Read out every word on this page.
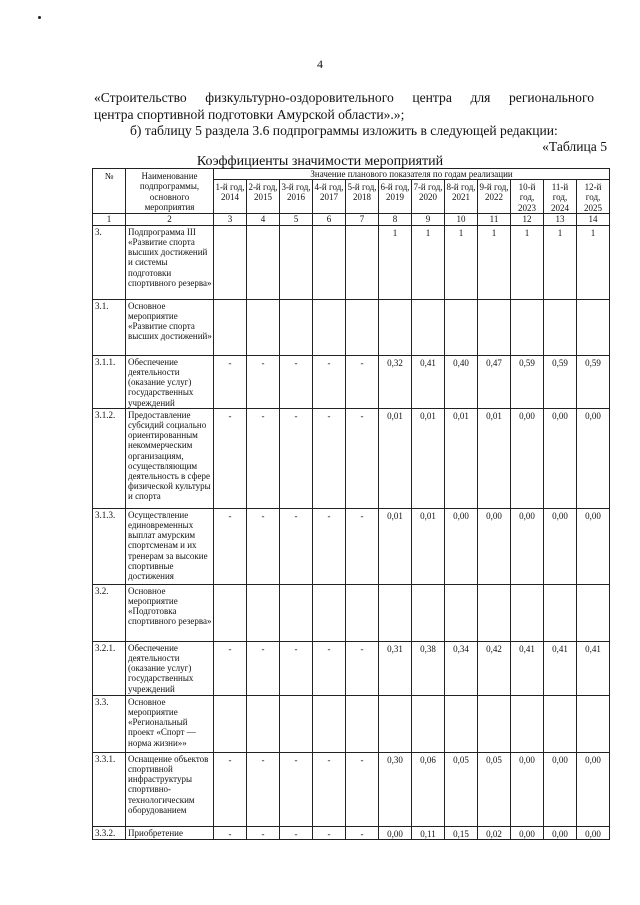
4
«Строительство физкультурно-оздоровительного центра для регионального
центра спортивной подготовки Амурской области».»;
б) таблицу 5 раздела 3.6 подпрограммы изложить в следующей редакции:
«Таблица 5
Коэффициенты значимости мероприятий
№	Наименование подпрограммы, основного мероприятия	Значение планового показателя по годам реализации											
		1-й год, 2014	2-й год, 2015	3-й год, 2016	4-й год, 2017	5-й год, 2018	6-й год, 2019	7-й год, 2020	8-й год, 2021	9-й год, 2022	10-й год, 2023	11-й год, 2024	12-й год, 2025
1	2	3	4	5	6	7	8	9	10	11	12	13	14
3.	Подпрограмма III «Развитие спорта высших достижений и системы подготовки спортивного резерва»						1	1	1	1	1	1	1
3.1.	Основное мероприятие «Развитие спорта высших достижений»												
3.1.1.	Обеспечение деятельности (оказание услуг) государственных учреждений	-	-	-	-	-	0,32	0,41	0,40	0,47	0,59	0,59	0,59
3.1.2.	Предоставление субсидий социально ориентированным некоммерческим организациям, осуществляющим деятельность в сфере физической культуры и спорта	-	-	-	-	-	0,01	0,01	0,01	0,01	0,00	0,00	0,00
3.1.3.	Осуществление единовременных выплат амурским спортсменам и их тренерам за высокие спортивные достижения	-	-	-	-	-	0,01	0,01	0,00	0,00	0,00	0,00	0,00
3.2.	Основное мероприятие «Подготовка спортивного резерва»												
3.2.1.	Обеспечение деятельности (оказание услуг) государственных учреждений	-	-	-	-	-	0,31	0,38	0,34	0,42	0,41	0,41	0,41
3.3.	Основное мероприятие «Региональный проект «Спорт — норма жизни»»												
3.3.1.	Оснащение объектов спортивной инфраструктуры спортивно-технологическим оборудованием	-	-	-	-	-	0,30	0,06	0,05	0,05	0,00	0,00	0,00
3.3.2.	Приобретение	-	-	-	-	-	0,00	0,11	0,15	0,02	0,00	0,00	0,00
